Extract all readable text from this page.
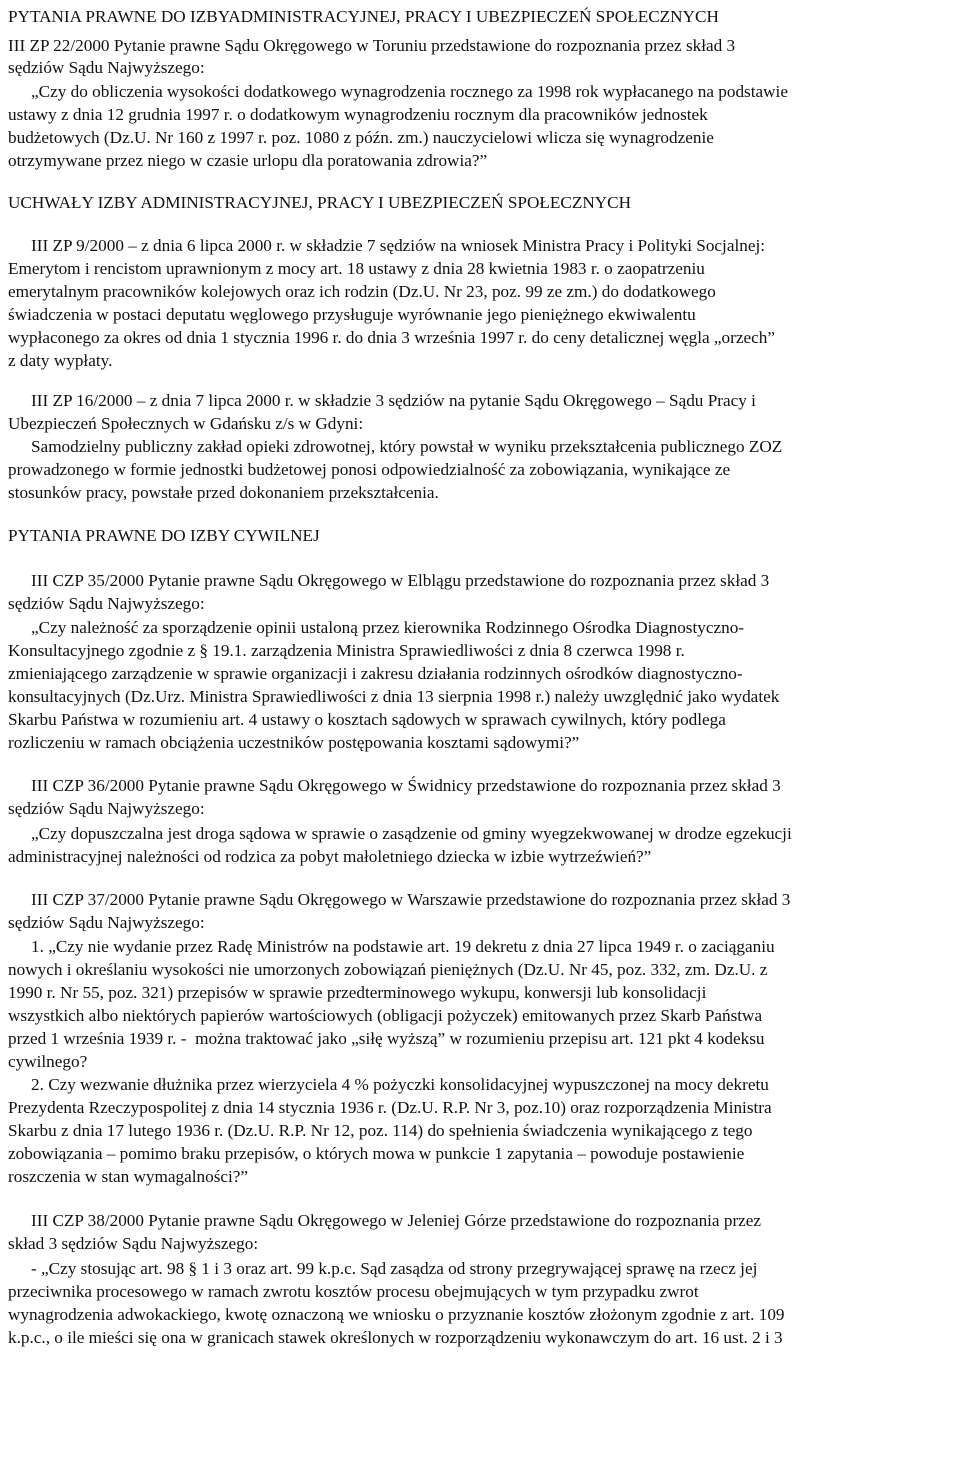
PYTANIA PRAWNE DO IZBYADMINISTRACYJNEJ, PRACY I UBEZPIECZEŃ SPOŁECZNYCH
III ZP 22/2000 Pytanie prawne Sądu Okręgowego w Toruniu przedstawione do rozpoznania przez skład 3
sędziów Sądu Najwyższego:
„Czy do obliczenia wysokości dodatkowego wynagrodzenia rocznego za 1998 rok wypłacanego na podstawie
ustawy z dnia 12 grudnia 1997 r. o dodatkowym wynagrodzeniu rocznym dla pracowników jednostek
budżetowych (Dz.U. Nr 160 z 1997 r. poz. 1080 z późn. zm.) nauczycielowi wlicza się wynagrodzenie
otrzymywane przez niego w czasie urlopu dla poratowania zdrowia?”
UCHWAŁY IZBY ADMINISTRACYJNEJ, PRACY I UBEZPIECZEŃ SPOŁECZNYCH
III ZP 9/2000 – z dnia 6 lipca 2000 r. w składzie 7 sędziów na wniosek Ministra Pracy i Polityki Socjalnej:
Emerytom i rencistom uprawnionym z mocy art. 18 ustawy z dnia 28 kwietnia 1983 r. o zaopatrzeniu
emerytalnym pracowników kolejowych oraz ich rodzin (Dz.U. Nr 23, poz. 99 ze zm.) do dodatkowego
świadczenia w postaci deputatu węglowego przysługuje wyrównanie jego pieniężnego ekwiwalentu
wypłaconego za okres od dnia 1 stycznia 1996 r. do dnia 3 września 1997 r. do ceny detalicznej węgla „orzech”
z daty wypłaty.
III ZP 16/2000 – z dnia 7 lipca 2000 r. w składzie 3 sędziów na pytanie Sądu Okręgowego – Sądu Pracy i
Ubezpieczeń Społecznych w Gdańsku z/s w Gdyni:
Samodzielny publiczny zakład opieki zdrowotnej, który powstał w wyniku przekształcenia publicznego ZOZ
prowadzonego w formie jednostki budżetowej ponosi odpowiedzialność za zobowiązania, wynikające ze
stosunków pracy, powstałe przed dokonaniem przekształcenia.
PYTANIA PRAWNE DO IZBY CYWILNEJ
III CZP 35/2000 Pytanie prawne Sądu Okręgowego w Elblągu przedstawione do rozpoznania przez skład 3
sędziów Sądu Najwyższego:
„Czy należność za sporządzenie opinii ustaloną przez kierownika Rodzinnego Ośrodka Diagnostyczno-
Konsultacyjnego zgodnie z § 19.1. zarządzenia Ministra Sprawiedliwości z dnia 8 czerwca 1998 r.
zmieniającego zarządzenie w sprawie organizacji i zakresu działania rodzinnych ośrodków diagnostyczno-
konsultacyjnych (Dz.Urz. Ministra Sprawiedliwości z dnia 13 sierpnia 1998 r.) należy uwzględnić jako wydatek
Skarbu Państwa w rozumieniu art. 4 ustawy o kosztach sądowych w sprawach cywilnych, który podlega
rozliczeniu w ramach obciążenia uczestników postępowania kosztami sądowymi?”
III CZP 36/2000 Pytanie prawne Sądu Okręgowego w Świdnicy przedstawione do rozpoznania przez skład 3
sędziów Sądu Najwyższego:
„Czy dopuszczalna jest droga sądowa w sprawie o zasądzenie od gminy wyegzekwowanej w drodze egzekucji
administracyjnej należności od rodzica za pobyt małoletniego dziecka w izbie wytrzeźwień?”
III CZP 37/2000 Pytanie prawne Sądu Okręgowego w Warszawie przedstawione do rozpoznania przez skład 3
sędziów Sądu Najwyższego:
1. „Czy nie wydanie przez Radę Ministrów na podstawie art. 19 dekretu z dnia 27 lipca 1949 r. o zaciąganiu
nowych i określaniu wysokości nie umorzonych zobowiązań pieniężnych (Dz.U. Nr 45, poz. 332, zm. Dz.U. z
1990 r. Nr 55, poz. 321) przepisów w sprawie przedterminowego wykupu, konwersji lub konsolidacji
wszystkich albo niektórych papierów wartościowych (obligacji pożyczek) emitowanych przez Skarb Państwa
przed 1 września 1939 r. -  można traktować jako „siłę wyższą” w rozumieniu przepisu art. 121 pkt 4 kodeksu
cywilnego?
2. Czy wezwanie dłużnika przez wierzyciela 4 % pożyczki konsolidacyjnej wypuszczonej na mocy dekretu
Prezydenta Rzeczypospolitej z dnia 14 stycznia 1936 r. (Dz.U. R.P. Nr 3, poz.10) oraz rozporządzenia Ministra
Skarbu z dnia 17 lutego 1936 r. (Dz.U. R.P. Nr 12, poz. 114) do spełnienia świadczenia wynikającego z tego
zobowiązania – pomimo braku przepisów, o których mowa w punkcie 1 zapytania – powoduje postawienie
roszczenia w stan wymagalności?”
III CZP 38/2000 Pytanie prawne Sądu Okręgowego w Jeleniej Górze przedstawione do rozpoznania przez
skład 3 sędziów Sądu Najwyższego:
- „Czy stosując art. 98 § 1 i 3 oraz art. 99 k.p.c. Sąd zasądza od strony przegrywającej sprawę na rzecz jej
przeciwnika procesowego w ramach zwrotu kosztów procesu obejmujących w tym przypadku zwrot
wynagrodzenia adwokackiego, kwotę oznaczoną we wniosku o przyznanie kosztów złożonym zgodnie z art. 109
k.p.c., o ile mieści się ona w granicach stawek określonych w rozporządzeniu wykonawczym do art. 16 ust. 2 i 3
